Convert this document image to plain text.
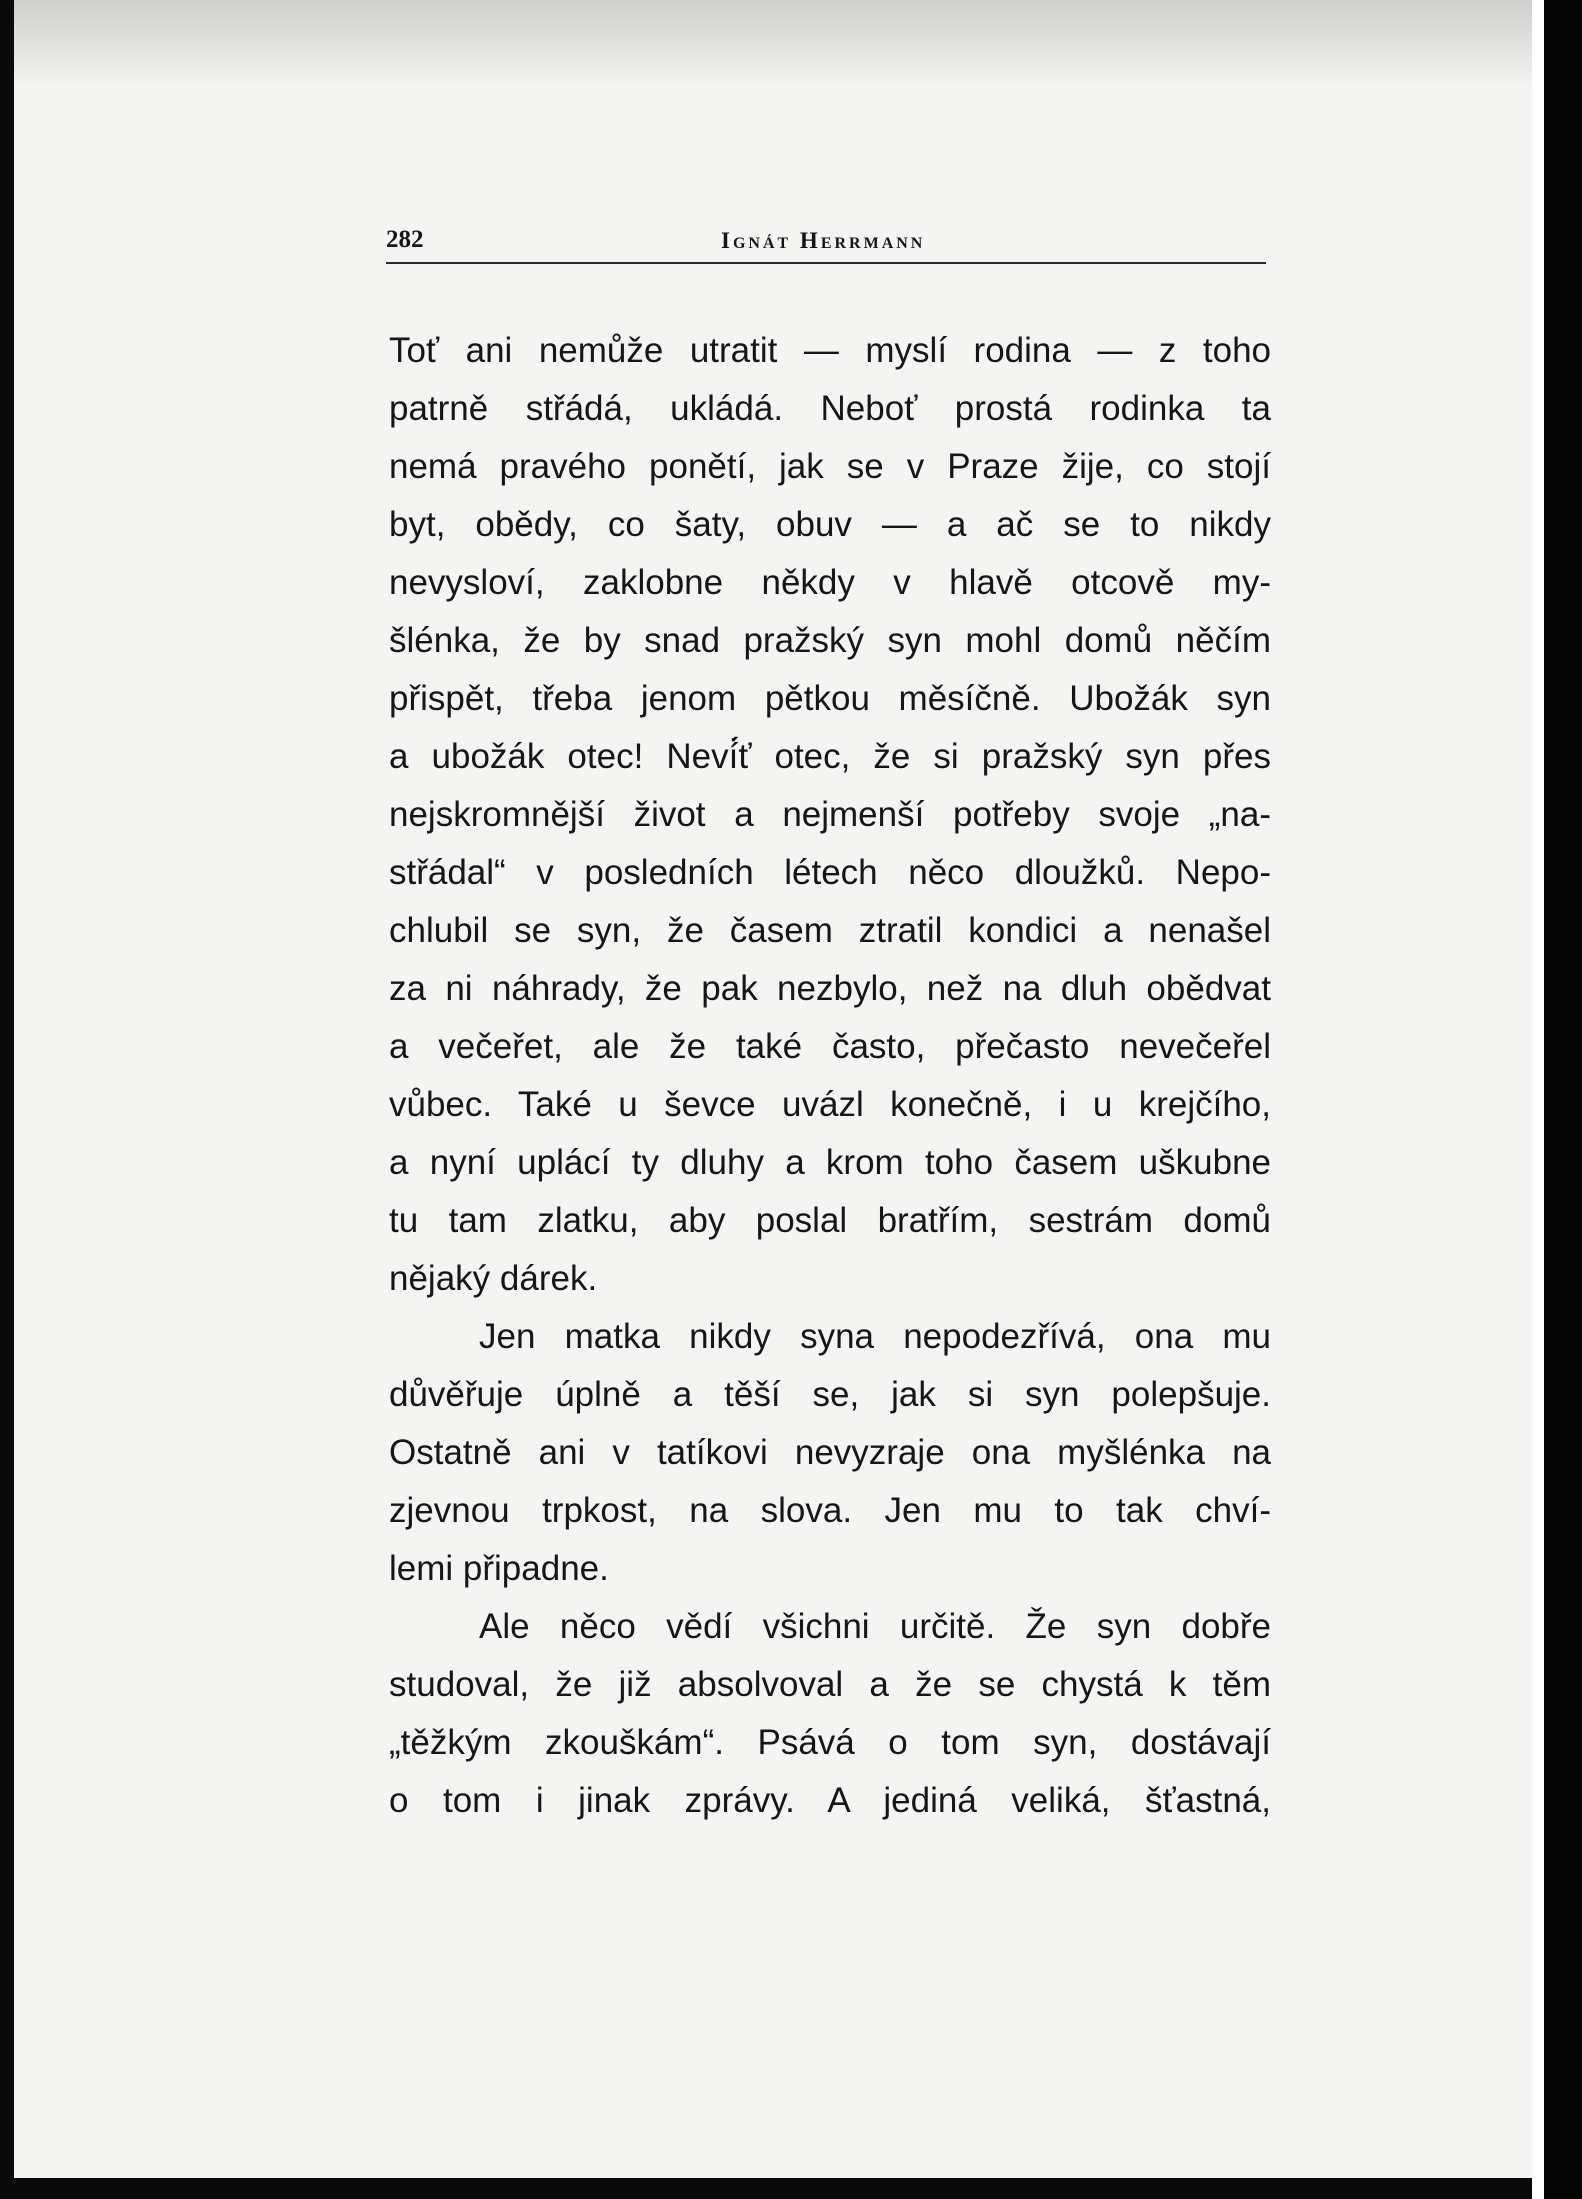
282	Ignát Herrmann
Toť ani nemůže utratit — myslí rodina — z toho
patrně střádá, ukládá. Neboť prostá rodinka ta
nemá pravého ponětí, jak se v Praze žije, co stojí
byt, obědy, co šaty, obuv — a ač se to nikdy
nevysloví, zaklobne někdy v hlavě otcově my-
šlénka, že by snad pražský syn mohl domů něčím
přispět, třeba jenom pětkou měsíčně. Ubožák syn
a ubožák otec! Neví̇́ť otec, že si pražský syn přes
nejskromnější život a nejmenší potřeby svoje „na-
střádal“ v posledních létech něco dloužků. Nepo-
chlubil se syn, že časem ztratil kondici a nenašel
za ni náhrady, že pak nezbylo, než na dluh obědvat
a večeřet, ale že také často, přečasto nevečeřel
vůbec. Také u ševce uvázl konečně, i u krejčího,
a nyní uplácí ty dluhy a krom toho časem uškubne
tu tam zlatku, aby poslal bratřím, sestrám domů
nějaký dárek.
Jen matka nikdy syna nepodezřívá, ona mu
důvěřuje úplně a těší se, jak si syn polepšuje.
Ostatně ani v tatíkovi nevyzraje ona myšlénka na
zjevnou trpkost, na slova. Jen mu to tak chví-
lemi připadne.
Ale něco vědí všichni určitě. Že syn dobře
studoval, že již absolvoval a že se chystá k těm
„těžkým zkouškám“. Psává o tom syn, dostávají
o tom i jinak zprávy. A jediná veliká, šťastná,
